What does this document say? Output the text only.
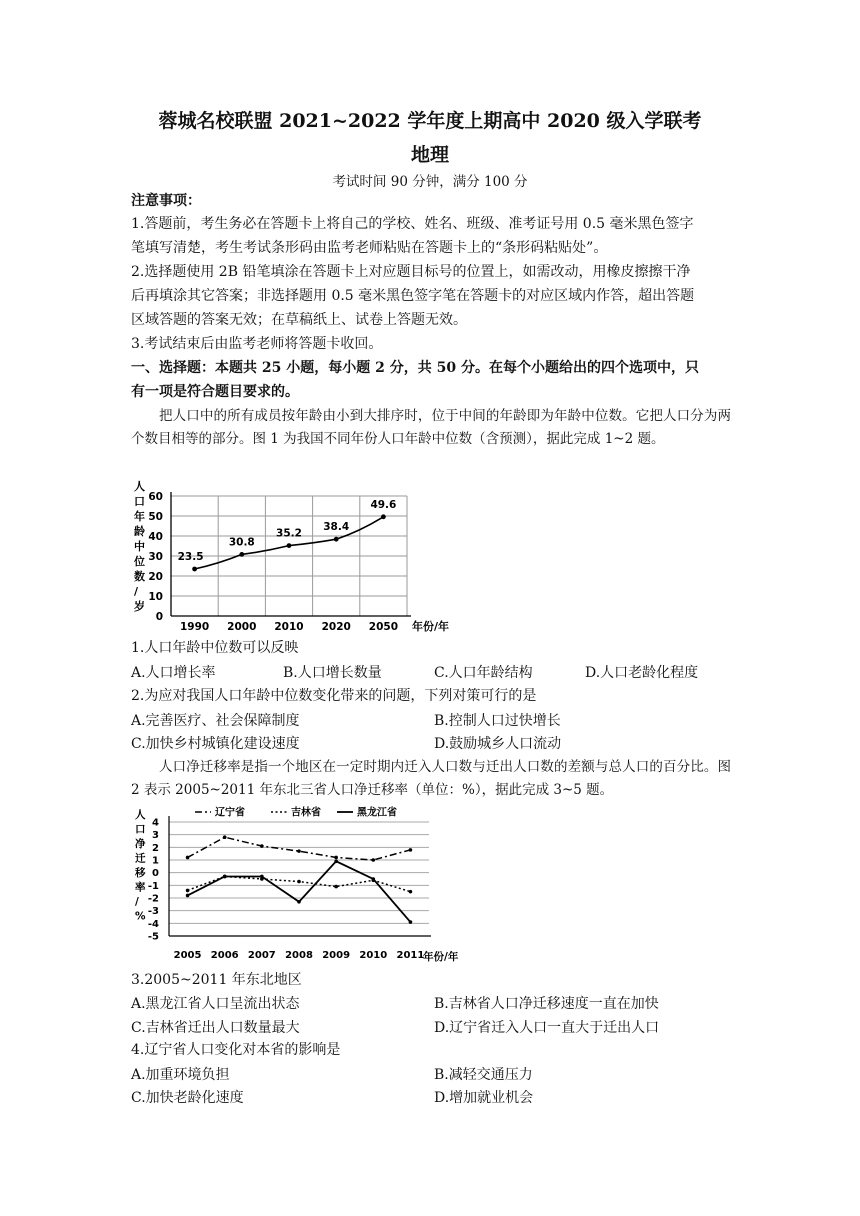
蓉城名校联盟 2021~2022 学年度上期高中 2020 级入学联考
地理
考试时间 90 分钟，满分 100 分
注意事项：
1.答题前，考生务必在答题卡上将自己的学校、姓名、班级、准考证号用 0.5 毫米黑色签字
笔填写清楚，考生考试条形码由监考老师粘贴在答题卡上的“条形码粘贴处”。
2.选择题使用 2B 铅笔填涂在答题卡上对应题目标号的位置上，如需改动，用橡皮擦擦干净
后再填涂其它答案；非选择题用 0.5 毫米黑色签字笔在答题卡的对应区域内作答，超出答题
区域答题的答案无效；在草稿纸上、试卷上答题无效。
3.考试结束后由监考老师将答题卡收回。
一、选择题：本题共 25 小题，每小题 2 分，共 50 分。在每个小题给出的四个选项中，只
有一项是符合题目要求的。
把人口中的所有成员按年龄由小到大排序时，位于中间的年龄即为年龄中位数。它把人口分为两个数目相等的部分。图 1 为我国不同年份人口年龄中位数（含预测），据此完成 1~2 题。
人
口
年
龄
中
位
数
/
岁
0
10
20
30
40
50
60
1990 2000 2010 2020 2050 年份/年
23.5
30.8
35.2
38.4
49.6
1.人口年龄中位数可以反映
A.人口增长率	B.人口增长数量	C.人口年龄结构	D.人口老龄化程度
2.为应对我国人口年龄中位数变化带来的问题，下列对策可行的是
A.完善医疗、社会保障制度	B.控制人口过快增长
C.加快乡村城镇化建设速度	D.鼓励城乡人口流动
人口净迁移率是指一个地区在一定时期内迁入人口数与迁出人口数的差额与总人口的百分比。图 2 表示 2005~2011 年东北三省人口净迁移率（单位：%），据此完成 3~5 题。
人
口
净
迁
移
率
/
%
辽宁省	吉林省	黑龙江省
4
3
2
1
0
-1
-2
-3
-4
-5
2005 2006 2007 2008 2009 2010 2011
年份/年
3.2005~2011 年东北地区
A.黑龙江省人口呈流出状态	B.吉林省人口净迁移速度一直在加快
C.吉林省迁出人口数量最大	D.辽宁省迁入人口一直大于迁出人口
4.辽宁省人口变化对本省的影响是
A.加重环境负担	B.减轻交通压力
C.加快老龄化速度	D.增加就业机会
